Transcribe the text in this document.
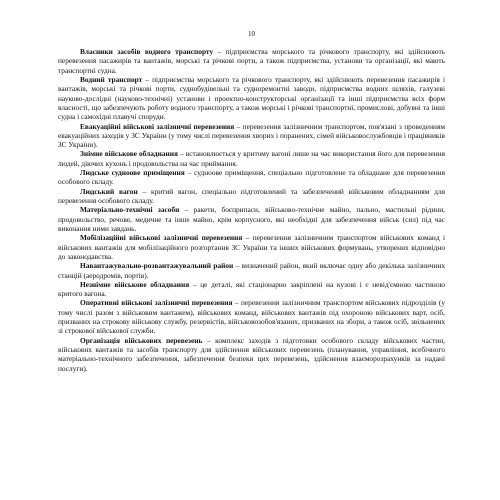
10

Власники засобів водного транспорту – підприємства морського та річкового транспорту, які здійснюють перевезення пасажирів та вантажів, морські та річкові порти, а також підприємства, установи та організації, які мають транспортні судна.

Водний транспорт – підприємства морського та річкового транспорту, які здійснюють перевезення пасажирів і вантажів, морські та річкові порти, суднобудівельні та судноремонтні заводи, підприємства водних шляхів, галузеві науково-дослідні (науково-технічні) установи і проектно-конструкторські організації та інші підприємства всіх форм власності, що забезпечують роботу водного транспорту, а також морські і річкові транспортні, промислові, добувні та інші судна і самохідні плавучі споруди.

Евакуаційні військові залізничні перевезення – перевезення залізничним транспортом, пов'язані з проведенням евакуаційних заходів у ЗС України (у тому числі перевезення хворих і поранених, сімей військовослужбовців і працівників ЗС України).

Знімне військове обладнання – встановлюється у критому вагоні лише на час використання його для перевезення людей, діючих кухонь і продовольства на час приймання.

Людське судноове приміщення – судноове приміщення, спеціально підготовлене та обладнане для перевезення особового складу.

Людський вагон – критий вагон, спеціально підготовлений та забезпечений військовим обладнанням для перевезення особового складу.

Матеріально-технічні засоби – ракети, боєприпаси, військово-технічне майно, пально, мастильні рідини, продовольство, речове, медичне та інше майно, крім корпусного, які необхідні для забезпечення військ (сил) під час виконання ними завдань.

Мобілізаційні військові залізничні перевезення – перевезення залізничним транспортом військових команд і військових вантажів для мобілізаційного розгортання ЗС України та інших військових формувань, утворених відповідно до законодавства.

Навантажувально-розвантажувальний район – визначений район, який включає одну або декілька залізничних станцій (аеродромів, портів).

Незнімне військове обладнання – це деталі, які стаціонарно закріплені на кузові і є невід'ємною частиною критого вагона.

Оперативні військові залізничні перевезення – перевезення залізничним транспортом військових підрозділів (у тому числі разом з військовим вантажем), військових команд, військових вантажів під охороною військових варт, осіб, призваних на строкову військову службу, резервістів, військовозобов'язаних, призваних на збори, а також осіб, звільнених зі строкової військової служби.

Організація військових перевезень – комплекс заходів з підготовки особового складу військових частин, військових вантажів та засобів транспорту для здійснення військових перевезень (планування, управління, всебічного матеріально-технічного забезпечення, забезпечення безпеки цих перевезень, здійснення взаєморозрахунків за надані послуги).
